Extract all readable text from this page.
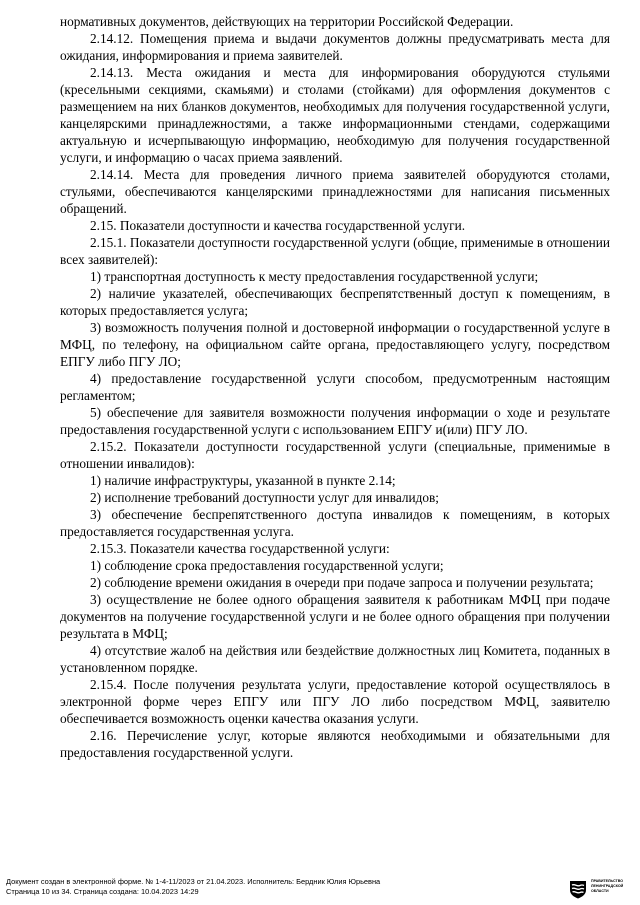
нормативных документов, действующих на территории Российской Федерации.

2.14.12. Помещения приема и выдачи документов должны предусматривать места для ожидания, информирования и приема заявителей.

2.14.13. Места ожидания и места для информирования оборудуются стульями (кресельными секциями, скамьями) и столами (стойками) для оформления документов с размещением на них бланков документов, необходимых для получения государственной услуги, канцелярскими принадлежностями, а также информационными стендами, содержащими актуальную и исчерпывающую информацию, необходимую для получения государственной услуги, и информацию о часах приема заявлений.

2.14.14. Места для проведения личного приема заявителей оборудуются столами, стульями, обеспечиваются канцелярскими принадлежностями для написания письменных обращений.

2.15. Показатели доступности и качества государственной услуги.

2.15.1. Показатели доступности государственной услуги (общие, применимые в отношении всех заявителей):

1) транспортная доступность к месту предоставления государственной услуги;

2) наличие указателей, обеспечивающих беспрепятственный доступ к помещениям, в которых предоставляется услуга;

3) возможность получения полной и достоверной информации о государственной услуге в МФЦ, по телефону, на официальном сайте органа, предоставляющего услугу, посредством ЕПГУ либо ПГУ ЛО;

4) предоставление государственной услуги способом, предусмотренным настоящим регламентом;

5) обеспечение для заявителя возможности получения информации о ходе и результате предоставления государственной услуги с использованием ЕПГУ и(или) ПГУ ЛО.

2.15.2. Показатели доступности государственной услуги (специальные, применимые в отношении инвалидов):

1) наличие инфраструктуры, указанной в пункте 2.14;

2) исполнение требований доступности услуг для инвалидов;

3) обеспечение беспрепятственного доступа инвалидов к помещениям, в которых предоставляется государственная услуга.

2.15.3. Показатели качества государственной услуги:

1) соблюдение срока предоставления государственной услуги;

2) соблюдение времени ожидания в очереди при подаче запроса и получении результата;

3) осуществление не более одного обращения заявителя к работникам МФЦ при подаче документов на получение государственной услуги и не более одного обращения при получении результата в МФЦ;

4) отсутствие жалоб на действия или бездействие должностных лиц Комитета, поданных в установленном порядке.

2.15.4. После получения результата услуги, предоставление которой осуществлялось в электронной форме через ЕПГУ или ПГУ ЛО либо посредством МФЦ, заявителю обеспечивается возможность оценки качества оказания услуги.

2.16. Перечисление услуг, которые являются необходимыми и обязательными для предоставления государственной услуги.

Документ создан в электронной форме. № 1-4-11/2023 от 21.04.2023. Исполнитель: Бердник Юлия Юрьевна
Страница 10 из 34. Страница создана: 10.04.2023 14:29
ПРАВИТЕЛЬСТВО ЛЕНИНГРАДСКОЙ ОБЛАСТИ
